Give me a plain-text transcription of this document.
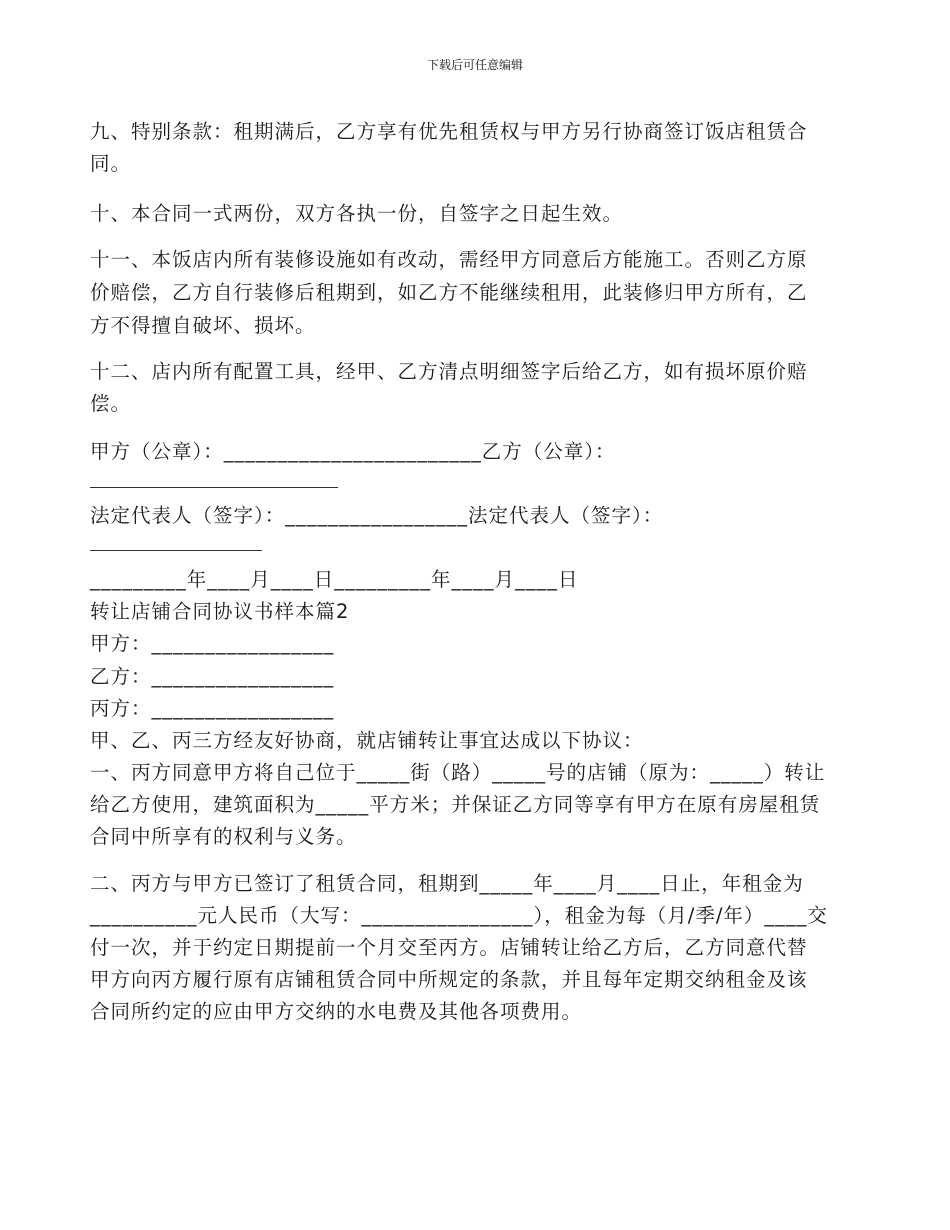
下载后可任意编辑
九、特别条款：租期满后，乙方享有优先租赁权与甲方另行协商签订饭店租赁合
同。
十、本合同一式两份，双方各执一份，自签字之日起生效。
十一、本饭店内所有装修设施如有改动，需经甲方同意后方能施工。否则乙方原
价赔偿，乙方自行装修后租期到，如乙方不能继续租用，此装修归甲方所有，乙
方不得擅自破坏、损坏。
十二、店内所有配置工具，经甲、乙方清点明细签字后给乙方，如有损坏原价赔
偿。
甲方（公章）：________________________乙方（公章）：
法定代表人（签字）：_________________法定代表人（签字）：
_________年____月____日_________年____月____日
转让店铺合同协议书样本篇2
甲方：_________________
乙方：_________________
丙方：_________________
甲、乙、丙三方经友好协商，就店铺转让事宜达成以下协议：
一、丙方同意甲方将自己位于_____街（路）_____号的店铺（原为：_____）转让
给乙方使用，建筑面积为_____平方米；并保证乙方同等享有甲方在原有房屋租赁
合同中所享有的权利与义务。
二、丙方与甲方已签订了租赁合同，租期到_____年____月____日止，年租金为
__________元人民币（大写：________________），租金为每（月/季/年）____交
付一次，并于约定日期提前一个月交至丙方。店铺转让给乙方后，乙方同意代替
甲方向丙方履行原有店铺租赁合同中所规定的条款，并且每年定期交纳租金及该
合同所约定的应由甲方交纳的水电费及其他各项费用。
